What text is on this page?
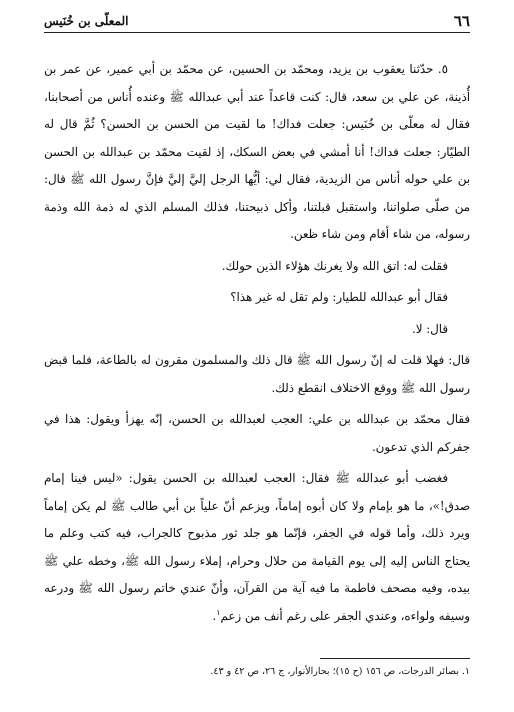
٦٦
المعلّى بن خُنَيس

٥. حدّثنا يعقوب بن يزيد، ومحمّد بن الحسين، عن محمّد بن أبي عمير، عن عمر بن أُذينة، عن علي بن سعد، قال: كنت قاعداً عند أبي عبدالله ﷺ وعنده أُناس من أصحابنا، فقال له معلّى بن خُنَيس: جعلت فداك! ما لقيت من الحسن بن الحسن؟ ثُمَّ قال له الطيّار: جعلت فداك! أنا أمشي في بعض السكك، إذ لقيت محمّد بن عبدالله بن الحسن بن علي حوله أناس من الزيدية، فقال لي: أيُّها الرجل إليَّ إليَّ فإنَّ رسول الله ﷺ قال: من صلّى صلواتنا، واستقبل قبلتنا، وأكل ذبيحتنا، فذلك المسلم الذي له ذمة الله وذمة رسوله، من شاء أقام ومن شاء ظعن.

فقلت له: اتق الله ولا يغرنك هؤلاء الذين حولك.

فقال أبو عبدالله للطيار: ولم تقل له غير هذا؟

قال: لا.

قال: فهلا قلت له إنّ رسول الله ﷺ قال ذلك والمسلمون مقرون له بالطاعة، فلما قبض رسول الله ﷺ ووقع الاختلاف انقطع ذلك.

فقال محمّد بن عبدالله بن علي: العجب لعبدالله بن الحسن، إنّه يهزأ ويقول: هذا في جفركم الذي تدعون.

فغضب أبو عبدالله ﷺ فقال: العجب لعبدالله بن الحسن يقول: «ليس فينا إمام صدق!»، ما هو بإمام ولا كان أبوه إماماً، ويزعم أنّ علياً بن أبي طالب ﷺ لم يكن إماماً ويرد ذلك، وأما قوله في الجفر، فإنّما هو جلد ثور مذبوح كالجراب، فيه كتب وعلم ما يحتاج الناس إليه إلى يوم القيامة من حلال وحرام، إملاء رسول الله ﷺ، وخطه علي ﷺ بيده، وفيه مصحف فاطمة ما فيه آية من القرآن، وأنّ عندي خاتم رسول الله ﷺ ودرعه وسيفه ولواءه، وعندي الجفر على رغم أنف من زعم$^١$.

١. بصائر الدرجات، ص ١٥٦ (ح ١٥)؛ بحارالأنوار، ج ٢٦، ص ٤٢ و ٤٣.
